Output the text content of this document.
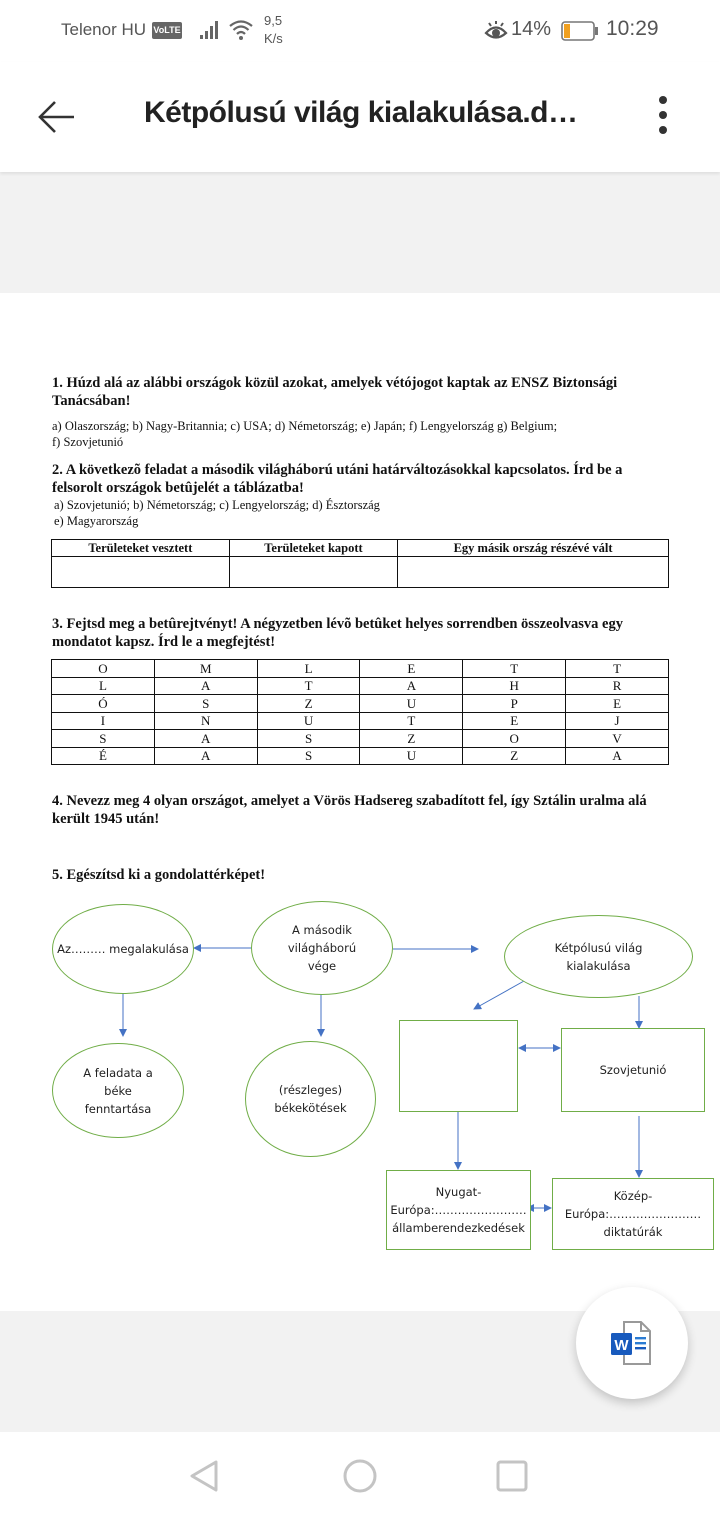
Telenor HU VoLTE
9,5
K/s	14%	10:29
Kétpólusú világ kialakulása.d…
1. Húzd alá az alábbi országok közül azokat, amelyek vétójogot kaptak az ENSZ Biztonsági Tanácsában!
a) Olaszország; b) Nagy-Britannia; c) USA; d) Németország; e) Japán; f) Lengyelország g) Belgium;
f) Szovjetunió
2. A következõ feladat a második világháború utáni határváltozásokkal kapcsolatos. Írd be a felsorolt országok betûjelét a táblázatba!
a) Szovjetunió; b) Németország; c) Lengyelország; d) Észtország
e) Magyarország
Területeket vesztett	Területeket kapott	Egy másik ország részévé vált

3. Fejtsd meg a betûrejtvényt! A négyzetben lévõ betûket helyes sorrendben összeolvasva egy mondatot kapsz. Írd le a megfejtést!
O	M	L	E	T	T
L	A	T	A	H	R
Ó	S	Z	U	P	E
I	N	U	T	E	J
S	A	S	Z	O	V
É	A	S	U	Z	A
4. Nevezz meg 4 olyan országot, amelyet a Vörös Hadsereg szabadított fel, így Sztálin uralma alá került 1945 után!
5. Egészítsd ki a gondolattérképet!
Az……… megalakulása
A második világháború vége
Kétpólusú világ kialakulása
A feladata a béke fenntartása
(részleges) békekötések
Szovjetunió
Nyugat-
Európa:……………………
államberendezkedések
Közép-
Európa:……………………
diktatúrák
W
